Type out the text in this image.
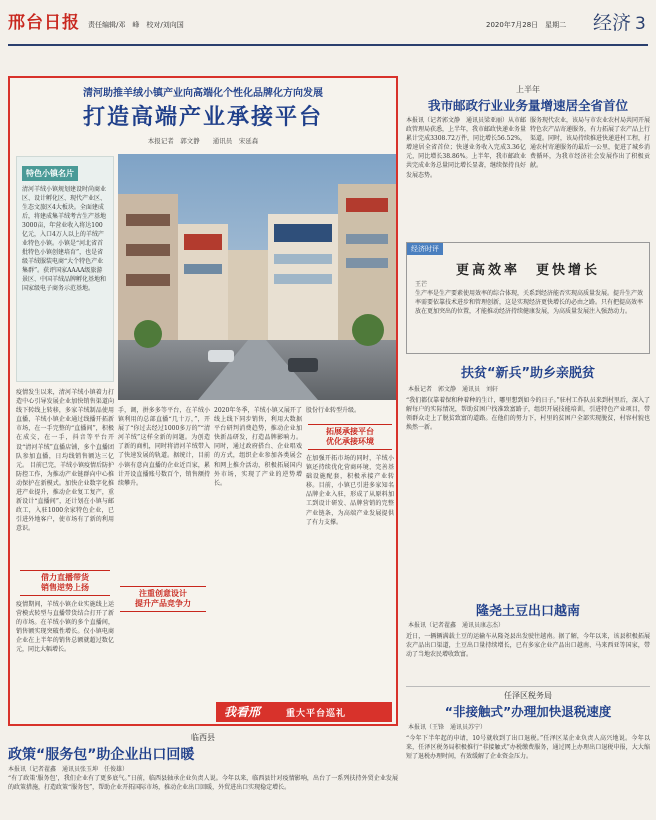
邢台日报 责任编辑/邓　峰　校对/刘向国	2020年7月28日　星期二 经济 3
清河助推羊绒小镇产业向高端化个性化品牌化方向发展
打造高端产业承接平台
本报记者　郭文静　　通讯员　宋延森
特色小镇名片
清河羊绒小镇规划建设时尚商业区、设计孵化区、现代产业区、生态文旅区4大板块。全面建成后，将建成集羊绒考古生产基地3000亩，年营业收入将达100亿元，入口4万人以上的羊绒产业特色小镇。小镇是“河北省首批特色小镇创建培育”，也是省级羊绒服装电商“大个特色产业集群”。获评国家AAAA级旅游景区、中国羊绒品牌孵化基地和国家级电子商务示范基地。
疫情发生以来，清河羊绒小镇着力打造中心引导发展企业加快销售渠道向线下转线上转移，多家羊绒制品使用直播，羊绒小镇企业通过线播开拓新市场，在一手完整的“直播间”，积极在成交，在一手，抖音等平台开设“清河羊绒”直播店铺，多个直播团队参加直播，日均线销售额达三亿元。 目前已完，羊绒小镇疫情后防护防控工作，为推动产业链群向中心推动保护在新模式。加快企业数字化推进产业提升，推动企业复工复产，重新设计“直播间”，还计划在小镇与邮政工，入驻1000余家特色企业，已引进外地客户，使市场有了新的利用意识。
借力直播带货
销售逆势上扬
疫情期间，羊绒小镇企业实施线上运营模式转型与直播带货结合打开了新的市场。在羊绒小镇的多个直播间，销售额实现突破性增长。仅小镇电商企业在上半年的销售总额就超过数亿元，同比大幅增长。
手，调，拼多多等平台，在羊绒小镇利用的总部直播“几十万，”，开展了“你过去经过1000多万的”“清河羊绒”这样全新的问题。为创造了新的商机，同时将清河羊绒带入了快速发展的轨道。据统计，目前小镇有意向直播的企业近百家，累计开设直播账号数百个，销售额持续攀升。
2020年冬季，羊绒小镇又展开了线上线下同步销售，利用大数据平台研判消费趋势，推动企业加快新品研发，打造品牌影响力。同时，通过政府搭台、企业唱戏的方式，组织企业参加各类展会和网上推介活动，积极拓展国内外市场，实现了产业的逆势增长。
股份行业转型升级。
拓展承接平台
优化承接环境
在加强开拓市场的同时，羊绒小镇还持续优化营商环境，完善基础设施配套，积极承接产业转移。目前，小镇已引进多家知名品牌企业入驻，形成了从原料加工到设计研发、品牌营销的完整产业链条，为高端产业发展提供了有力支撑。
我看邢	重大平台巡礼
注重创意设计
提升产品竞争力
上半年
我市邮政行业业务量增速居全省首位
本报讯（记者郭文静　通讯员梁亚丽）从市邮政管理局获悉，上半年，我市邮政快递业务量累计完成3308.72万件，同比增长56.52%，增速居全省首位；快递业务收入完成3.36亿元，同比增长38.86%。上半年，我市邮政业共完成业务总量同比增长显著，继续保持良好发展态势。
服务现代农业，该局与市农业农村局共同开展特色农产品寄递服务，有力拓展了农产品上行渠道。同时，该局持续推进快递进村工程，打通农村寄递服务的最后一公里，促进了城乡消费循环，为我市经济社会发展作出了积极贡献。
经济时评
更高效率　更快增长
王芒
生产率是生产要素使用效率的综合体现，关系到经济能否实现高质量发展。提升生产效率需要依靠技术进步和管理创新，这是实现经济更快增长的必由之路。只有把提高效率放在更加突出的位置，才能推动经济持续健康发展，为高质量发展注入强劲动力。
扶贫“新兵”助乡亲脱贫
本报记者　郭文静　通讯员　刘轩
“我们都仅靠着保和种着种的生计，哪里想到如今的日子。”驻村工作队员来到村里后，深入了解每户的实际情况，帮助贫困户找准致富路子，组织开展技能培训，引进特色产业项目，带领群众走上了脱贫致富的道路。在他们的努力下，村里的贫困户全部实现脱贫，村容村貌也焕然一新。
隆尧土豆出口越南
本报讯（记者翟鑫　通讯员康志杰）
近日，一辆辆满载土豆的运输车从隆尧县出发驶往越南。据了解，今年以来，该县积极拓展农产品出口渠道，土豆出口量持续增长，已有多家企业产品出口越南、马来西亚等国家，带动了当地农民增收致富。
任泽区税务局
“非接触式”办理加快退税速度
本报讯（王锋　通讯员苏宁）
“今年下半年起的申请，10号就收到了出口退税。”任泽区某企业负责人高兴地说。今年以来，任泽区税务局积极推行“非接触式”办税缴费服务，通过网上办理出口退税申报，大大缩短了退税办理时间，有效缓解了企业资金压力。
临西县
政策“服务包”助企业出口回暖
本报讯（记者翟鑫　通讯员张玉坤　任俊雄）
“有了政策‘服务包’，我们企业有了更多底气。”日前，临西县轴承企业负责人说。今年以来，临西县针对疫情影响，出台了一系列扶持外贸企业发展的政策措施，打造政策“服务包”，帮助企业开拓国际市场，推动企业出口回暖，外贸进出口实现稳定增长。
